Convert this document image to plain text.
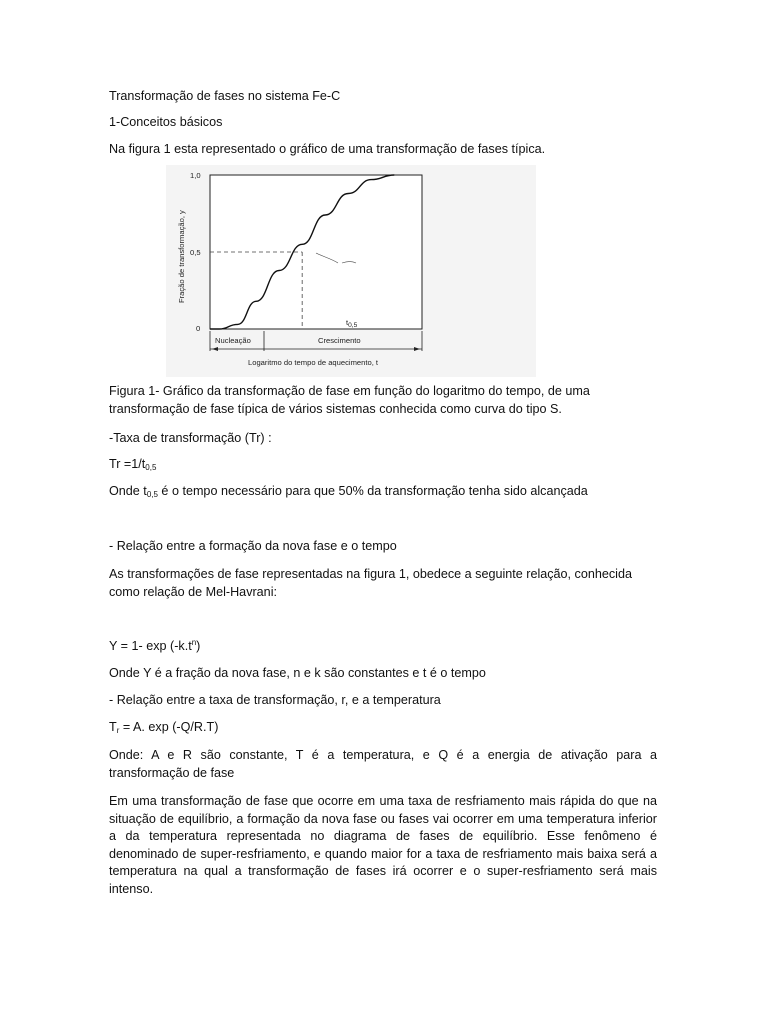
Transformação de fases no sistema Fe-C

1-Conceitos básicos

Na figura 1 esta representado o gráfico de uma transformação de fases típica.

1,0
0,5
0
Fração de transformação, y
t0,5
Nucleação	Crescimento
Logaritmo do tempo de aquecimento, t

Figura 1- Gráfico da transformação de fase em função do logaritmo do tempo, de uma

transformação de fase típica de vários sistemas conhecida como curva do tipo S.

-Taxa de transformação (Tr) :

$Tr =1/t_{0,5}$

Onde $t_{0,5}$ é o tempo necessário para que 50% da transformação tenha sido alcançada

- Relação entre a formação da nova fase e o tempo

As transformações de fase representadas na figura 1, obedece a seguinte relação, conhecida

como relação de Mel-Havrani:

Y = 1- $\exp (-k.t^n)$

Onde Y é a fração da nova fase, n e k são constantes e t é o tempo

- Relação entre a taxa de transformação, r, e a temperatura

$T_r = A$. exp (-Q/R.T)

Onde: A e R são constante, T é a temperatura, e Q é a energia de ativação para a

transformação de fase

Em uma transformação de fase que ocorre em uma taxa de resfriamento mais rápida do que na situação de equilíbrio, a formação da nova fase ou fases vai ocorrer em uma temperatura inferior a da temperatura representada no diagrama de fases de equilíbrio. Esse fenômeno é denominado de super-resfriamento, e quando maior for a taxa de resfriamento mais baixa será a temperatura na qual a transformação de fases irá ocorrer e o super-resfriamento será mais intenso.
